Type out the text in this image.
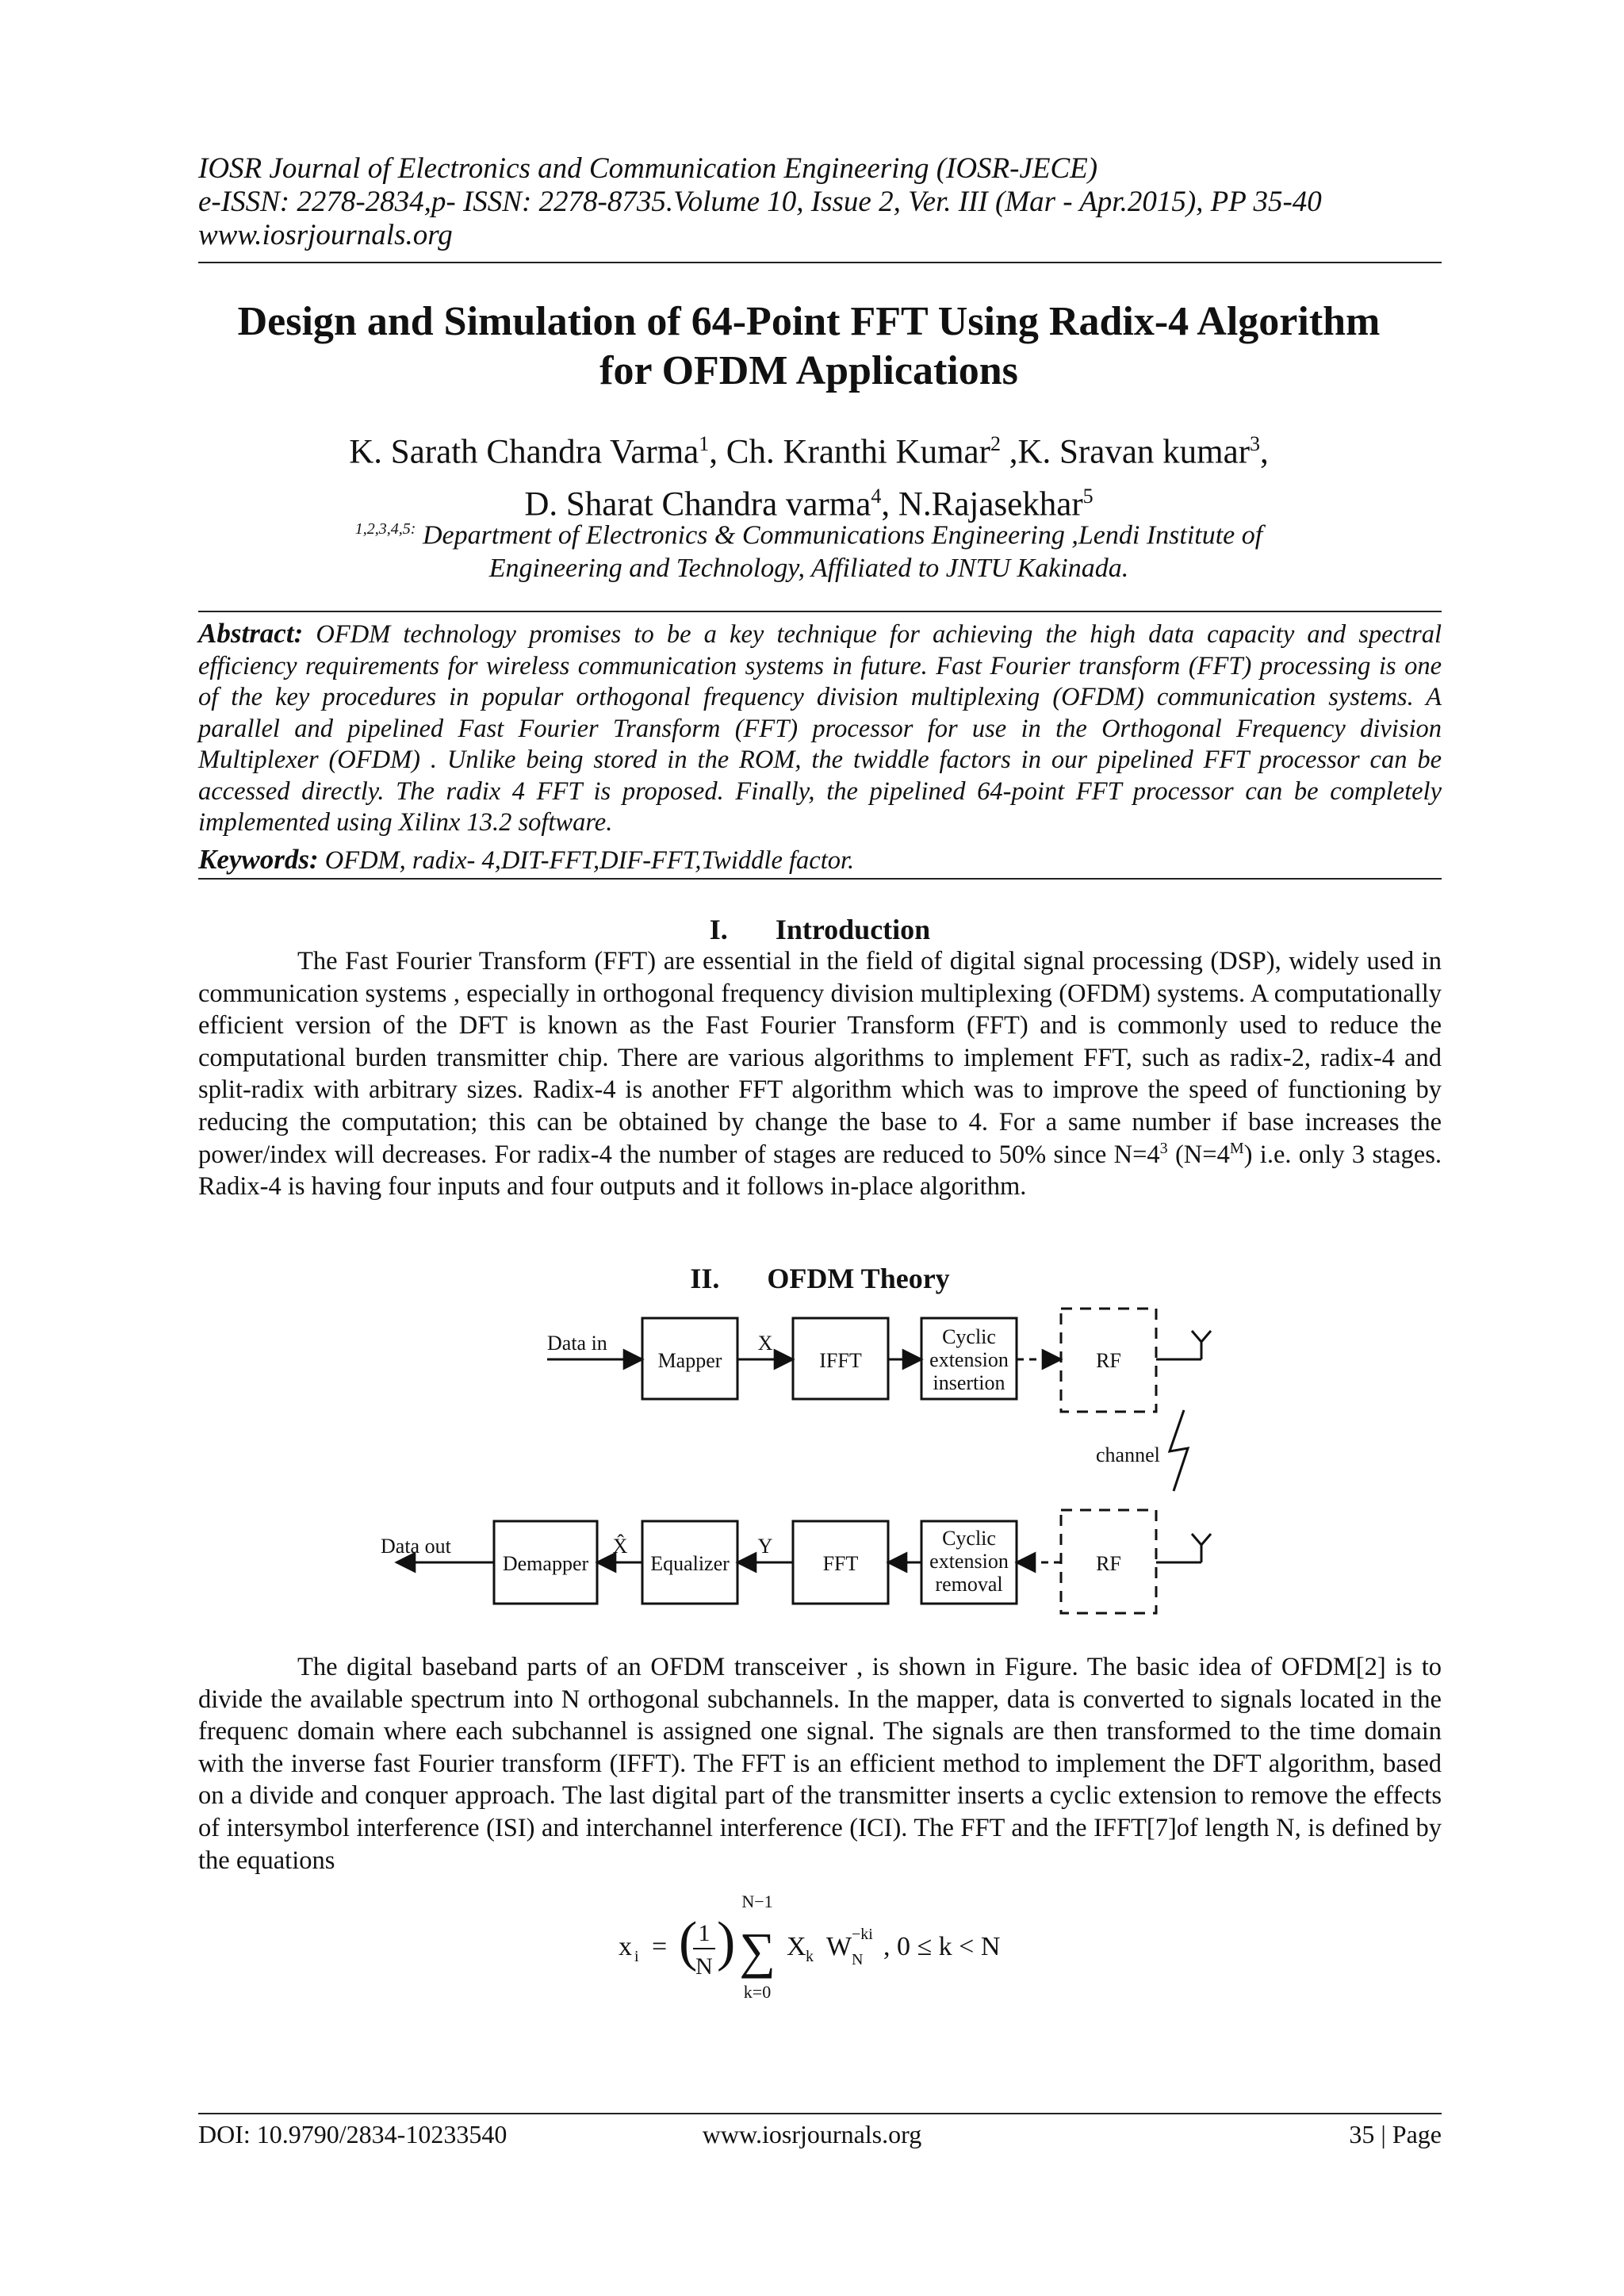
IOSR Journal of Electronics and Communication Engineering (IOSR-JECE)
e-ISSN: 2278-2834,p- ISSN: 2278-8735.Volume 10, Issue 2, Ver. III (Mar - Apr.2015), PP 35-40
www.iosrjournals.org
Design and Simulation of 64-Point FFT Using Radix-4 Algorithm
for OFDM Applications
K. Sarath Chandra Varma$^1$, Ch. Kranthi Kumar$^2$ ,K. Sravan kumar$^3$,
D. Sharat Chandra varma$^4$, N.Rajasekhar$^5$
$^{1,2,3,4,5:}$ Department of Electronics & Communications Engineering ,Lendi Institute of
Engineering and Technology, Affiliated to JNTU Kakinada.
Abstract: OFDM technology promises to be a key technique for achieving the high data capacity and spectral efficiency requirements for wireless communication systems in future. Fast Fourier transform (FFT) processing is one of the key procedures in popular orthogonal frequency division multiplexing (OFDM) communication systems. A parallel and pipelined Fast Fourier Transform (FFT) processor for use in the Orthogonal Frequency division Multiplexer (OFDM) . Unlike being stored in the ROM, the twiddle factors in our pipelined FFT processor can be accessed directly. The radix 4 FFT is proposed. Finally, the pipelined 64-point FFT processor can be completely implemented using Xilinx 13.2 software.
Keywords: OFDM, radix- 4,DIT-FFT,DIF-FFT,Twiddle factor.
I. Introduction

The Fast Fourier Transform (FFT) are essential in the field of digital signal processing (DSP), widely used in communication systems , especially in orthogonal frequency division multiplexing (OFDM) systems. A computationally efficient version of the DFT is known as the Fast Fourier Transform (FFT) and is commonly used to reduce the computational burden transmitter chip. There are various algorithms to implement FFT, such as radix-2, radix-4 and split-radix with arbitrary sizes. Radix-4 is another FFT algorithm which was to improve the speed of functioning by reducing the computation; this can be obtained by change the base to 4. For a same number if base increases the power/index will decreases. For radix-4 the number of stages are reduced to 50% since $N=4^3$ $(N=4^M)$ i.e. only 3 stages. Radix-4 is having four inputs and four outputs and it follows in-place algorithm.

II. OFDM Theory
Data in
Mapper
X
IFFT
Cyclic
extension
insertion
RF
channel
Data out
Demapper
X̂
Equalizer
Y
FFT
Cyclic
extension
removal
RF

The digital baseband parts of an OFDM transceiver , is shown in Figure. The basic idea of OFDM[2] is to divide the available spectrum into N orthogonal subchannels. In the mapper, data is converted to signals located in the frequenc domain where each subchannel is assigned one signal. The signals are then transformed to the time domain with the inverse fast Fourier transform (IFFT). The FFT is an efficient method to implement the DFT algorithm, based on a divide and conquer approach. The last digital part of the transmitter inserts a cyclic extension to remove the effects of intersymbol interference (ISI) and interchannel interference (ICI). The FFT and the IFFT[7]of length N, is defined by the equations

x i = ( 1
N )
N−1
∑
k=0
X k W N
−ki , 0 ≤ k < N
DOI: 10.9790/2834-10233540	www.iosrjournals.org	35 | Page
